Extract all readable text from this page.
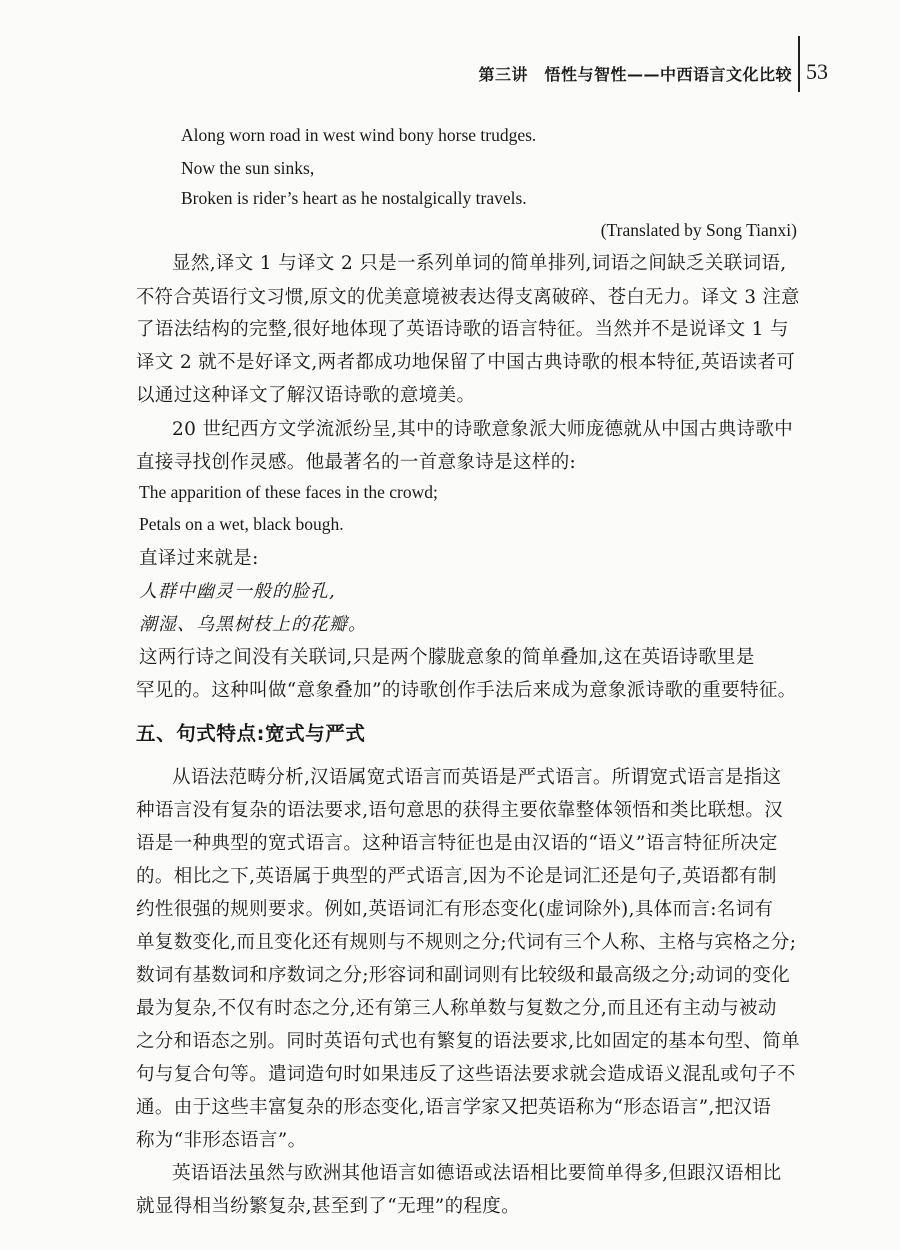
第三讲　悟性与智性——中西语言文化比较 53
Along worn road in west wind bony horse trudges.
Now the sun sinks,
Broken is rider’s heart as he nostalgically travels.
(Translated by Song Tianxi)
显然,译文 1 与译文 2 只是一系列单词的简单排列,词语之间缺乏关联词语,
不符合英语行文习惯,原文的优美意境被表达得支离破碎、苍白无力。译文 3 注意
了语法结构的完整,很好地体现了英语诗歌的语言特征。当然并不是说译文 1 与
译文 2 就不是好译文,两者都成功地保留了中国古典诗歌的根本特征,英语读者可
以通过这种译文了解汉语诗歌的意境美。
20 世纪西方文学流派纷呈,其中的诗歌意象派大师庞德就从中国古典诗歌中
直接寻找创作灵感。他最著名的一首意象诗是这样的:
The apparition of these faces in the crowd;
Petals on a wet, black bough.
直译过来就是:
人群中幽灵一般的脸孔,
潮湿、乌黑树枝上的花瓣。
这两行诗之间没有关联词,只是两个朦胧意象的简单叠加,这在英语诗歌里是
罕见的。这种叫做“意象叠加”的诗歌创作手法后来成为意象派诗歌的重要特征。
五、句式特点:宽式与严式
从语法范畴分析,汉语属宽式语言而英语是严式语言。所谓宽式语言是指这
种语言没有复杂的语法要求,语句意思的获得主要依靠整体领悟和类比联想。汉
语是一种典型的宽式语言。这种语言特征也是由汉语的“语义”语言特征所决定
的。相比之下,英语属于典型的严式语言,因为不论是词汇还是句子,英语都有制
约性很强的规则要求。例如,英语词汇有形态变化(虚词除外),具体而言:名词有
单复数变化,而且变化还有规则与不规则之分;代词有三个人称、主格与宾格之分;
数词有基数词和序数词之分;形容词和副词则有比较级和最高级之分;动词的变化
最为复杂,不仅有时态之分,还有第三人称单数与复数之分,而且还有主动与被动
之分和语态之别。同时英语句式也有繁复的语法要求,比如固定的基本句型、简单
句与复合句等。遣词造句时如果违反了这些语法要求就会造成语义混乱或句子不
通。由于这些丰富复杂的形态变化,语言学家又把英语称为“形态语言”,把汉语
称为“非形态语言”。
英语语法虽然与欧洲其他语言如德语或法语相比要简单得多,但跟汉语相比
就显得相当纷繁复杂,甚至到了“无理”的程度。
